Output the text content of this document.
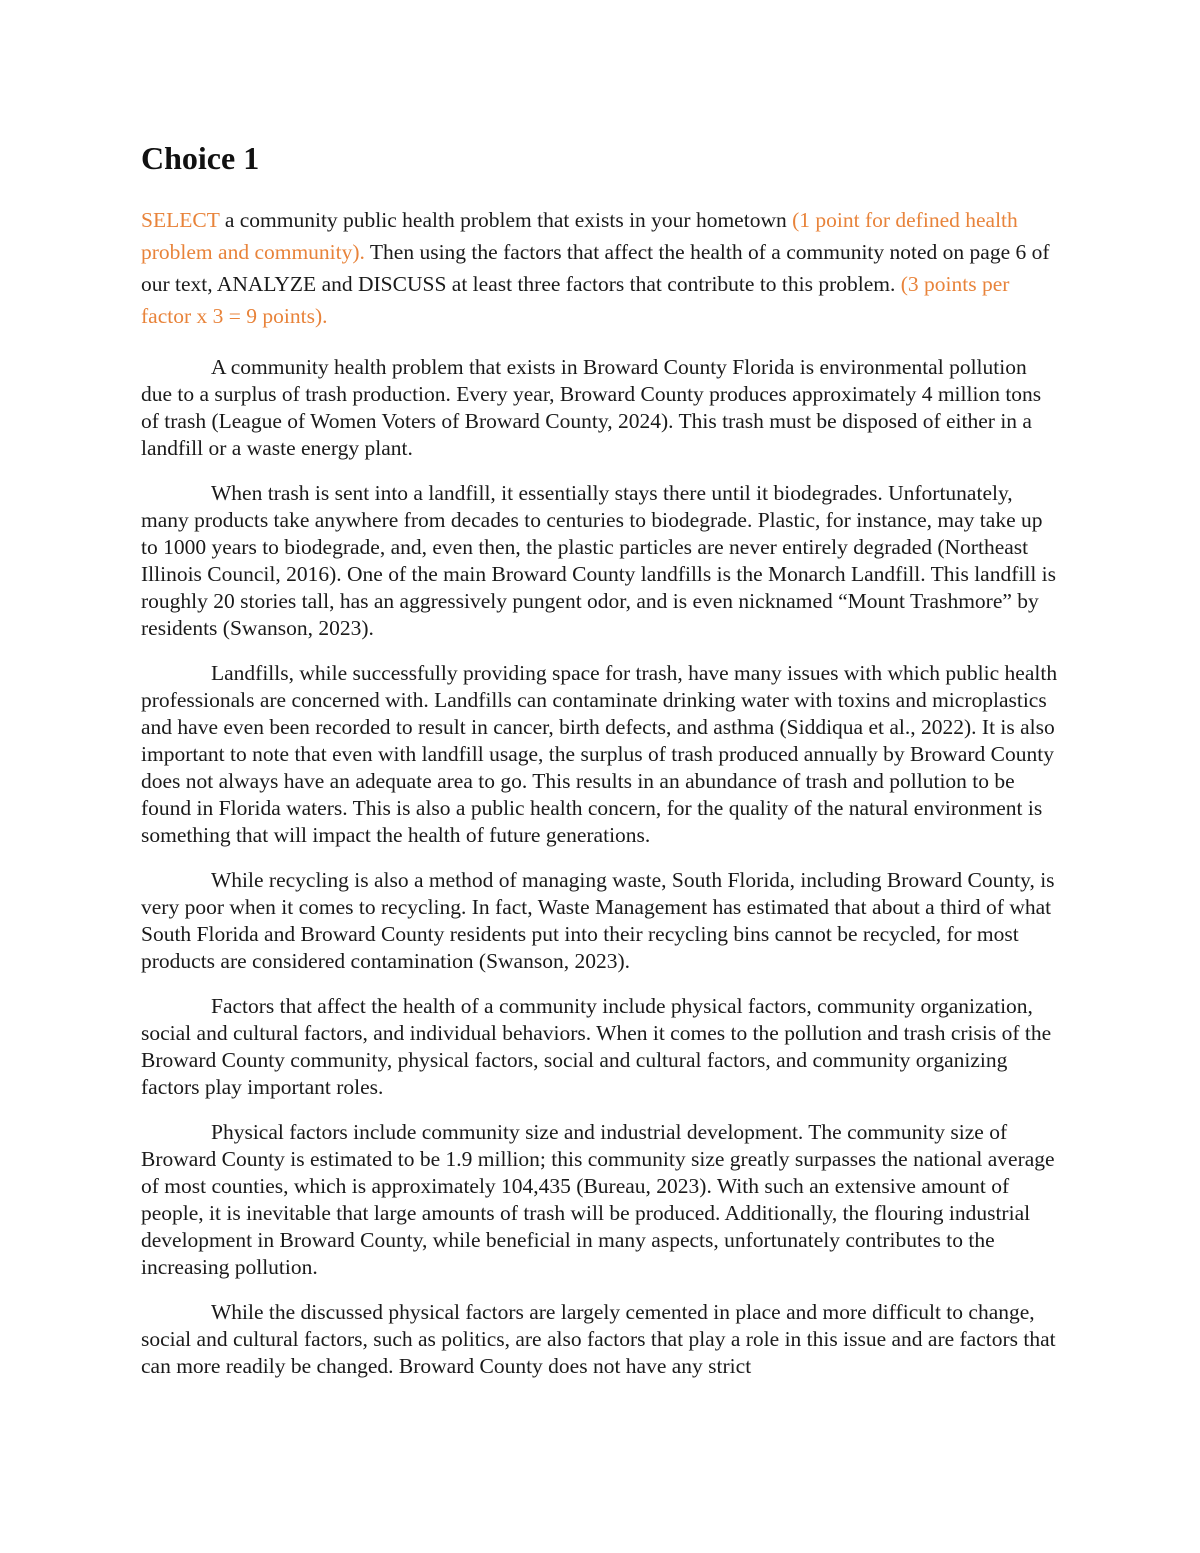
Choice 1

SELECT a community public health problem that exists in your hometown (1 point for defined health problem and community). Then using the factors that affect the health of a community noted on page 6 of our text, ANALYZE and DISCUSS at least three factors that contribute to this problem. (3 points per factor x 3 = 9 points).

A community health problem that exists in Broward County Florida is environmental pollution due to a surplus of trash production. Every year, Broward County produces approximately 4 million tons of trash (League of Women Voters of Broward County, 2024). This trash must be disposed of either in a landfill or a waste energy plant.

When trash is sent into a landfill, it essentially stays there until it biodegrades. Unfortunately, many products take anywhere from decades to centuries to biodegrade. Plastic, for instance, may take up to 1000 years to biodegrade, and, even then, the plastic particles are never entirely degraded (Northeast Illinois Council, 2016). One of the main Broward County landfills is the Monarch Landfill. This landfill is roughly 20 stories tall, has an aggressively pungent odor, and is even nicknamed “Mount Trashmore” by residents (Swanson, 2023).

Landfills, while successfully providing space for trash, have many issues with which public health professionals are concerned with. Landfills can contaminate drinking water with toxins and microplastics and have even been recorded to result in cancer, birth defects, and asthma (Siddiqua et al., 2022). It is also important to note that even with landfill usage, the surplus of trash produced annually by Broward County does not always have an adequate area to go. This results in an abundance of trash and pollution to be found in Florida waters. This is also a public health concern, for the quality of the natural environment is something that will impact the health of future generations.

While recycling is also a method of managing waste, South Florida, including Broward County, is very poor when it comes to recycling. In fact, Waste Management has estimated that about a third of what South Florida and Broward County residents put into their recycling bins cannot be recycled, for most products are considered contamination (Swanson, 2023).

Factors that affect the health of a community include physical factors, community organization, social and cultural factors, and individual behaviors. When it comes to the pollution and trash crisis of the Broward County community, physical factors, social and cultural factors, and community organizing factors play important roles.

Physical factors include community size and industrial development. The community size of Broward County is estimated to be 1.9 million; this community size greatly surpasses the national average of most counties, which is approximately 104,435 (Bureau, 2023). With such an extensive amount of people, it is inevitable that large amounts of trash will be produced. Additionally, the flouring industrial development in Broward County, while beneficial in many aspects, unfortunately contributes to the increasing pollution.

While the discussed physical factors are largely cemented in place and more difficult to change, social and cultural factors, such as politics, are also factors that play a role in this issue and are factors that can more readily be changed. Broward County does not have any strict
